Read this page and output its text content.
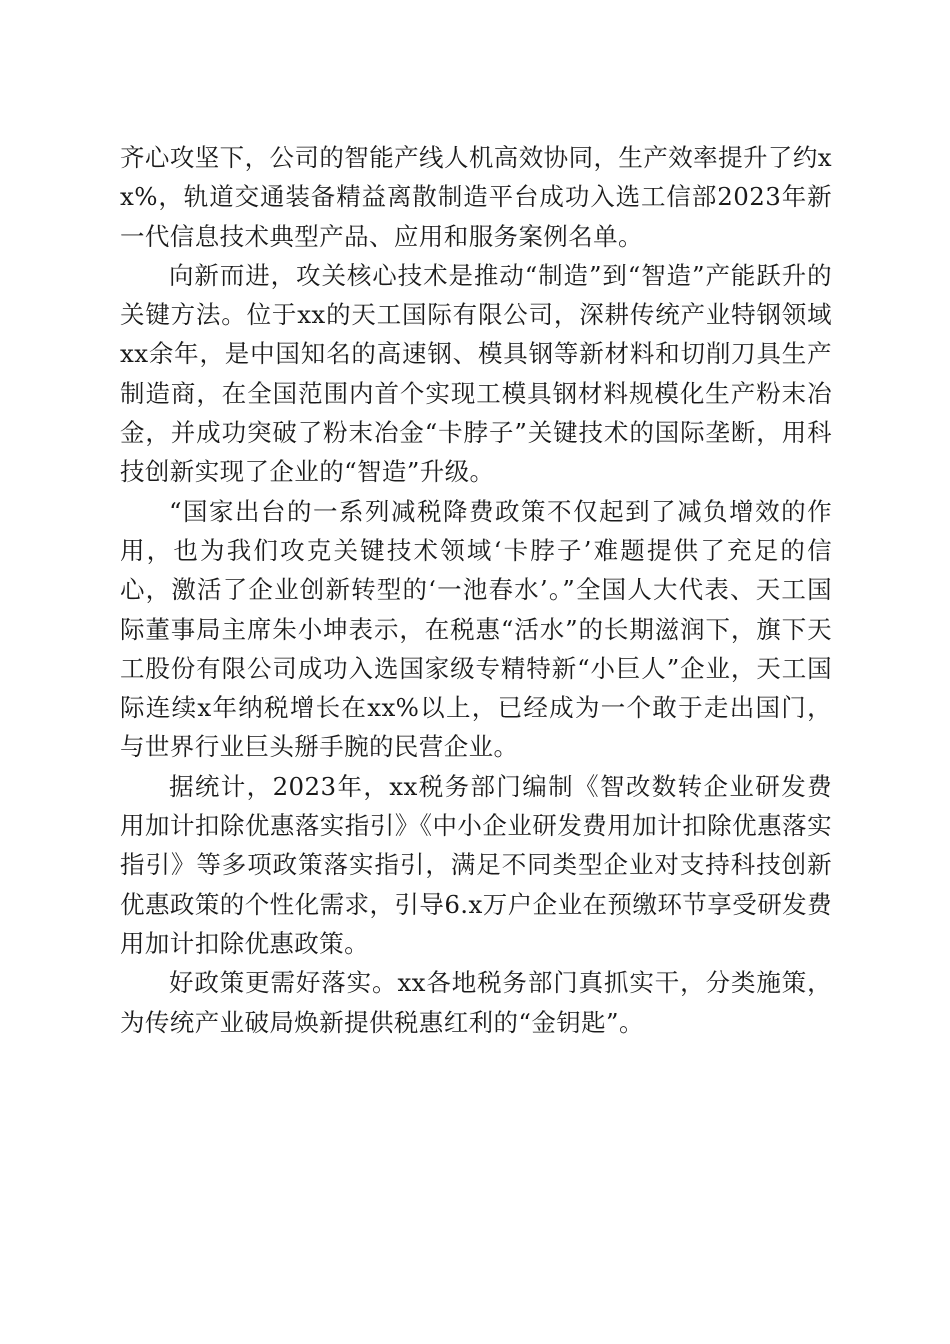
齐心攻坚下，公司的智能产线人机高效协同，生产效率提升了约xx%，轨道交通装备精益离散制造平台成功入选工信部2023年新一代信息技术典型产品、应用和服务案例名单。

向新而进，攻关核心技术是推动“制造”到“智造”产能跃升的关键方法。位于xx的天工国际有限公司，深耕传统产业特钢领域xx余年，是中国知名的高速钢、模具钢等新材料和切削刀具生产制造商，在全国范围内首个实现工模具钢材料规模化生产粉末冶金，并成功突破了粉末冶金“卡脖子”关键技术的国际垄断，用科技创新实现了企业的“智造”升级。

“国家出台的一系列减税降费政策不仅起到了减负增效的作用，也为我们攻克关键技术领域‘卡脖子’难题提供了充足的信心，激活了企业创新转型的‘一池春水’。”全国人大代表、天工国际董事局主席朱小坤表示，在税惠“活水”的长期滋润下，旗下天工股份有限公司成功入选国家级专精特新“小巨人”企业，天工国际连续x年纳税增长在xx%以上，已经成为一个敢于走出国门，与世界行业巨头掰手腕的民营企业。

据统计，2023年，xx税务部门编制《智改数转企业研发费用加计扣除优惠落实指引》《中小企业研发费用加计扣除优惠落实指引》等多项政策落实指引，满足不同类型企业对支持科技创新优惠政策的个性化需求，引导6.x万户企业在预缴环节享受研发费用加计扣除优惠政策。

好政策更需好落实。xx各地税务部门真抓实干，分类施策，为传统产业破局焕新提供税惠红利的“金钥匙”。
